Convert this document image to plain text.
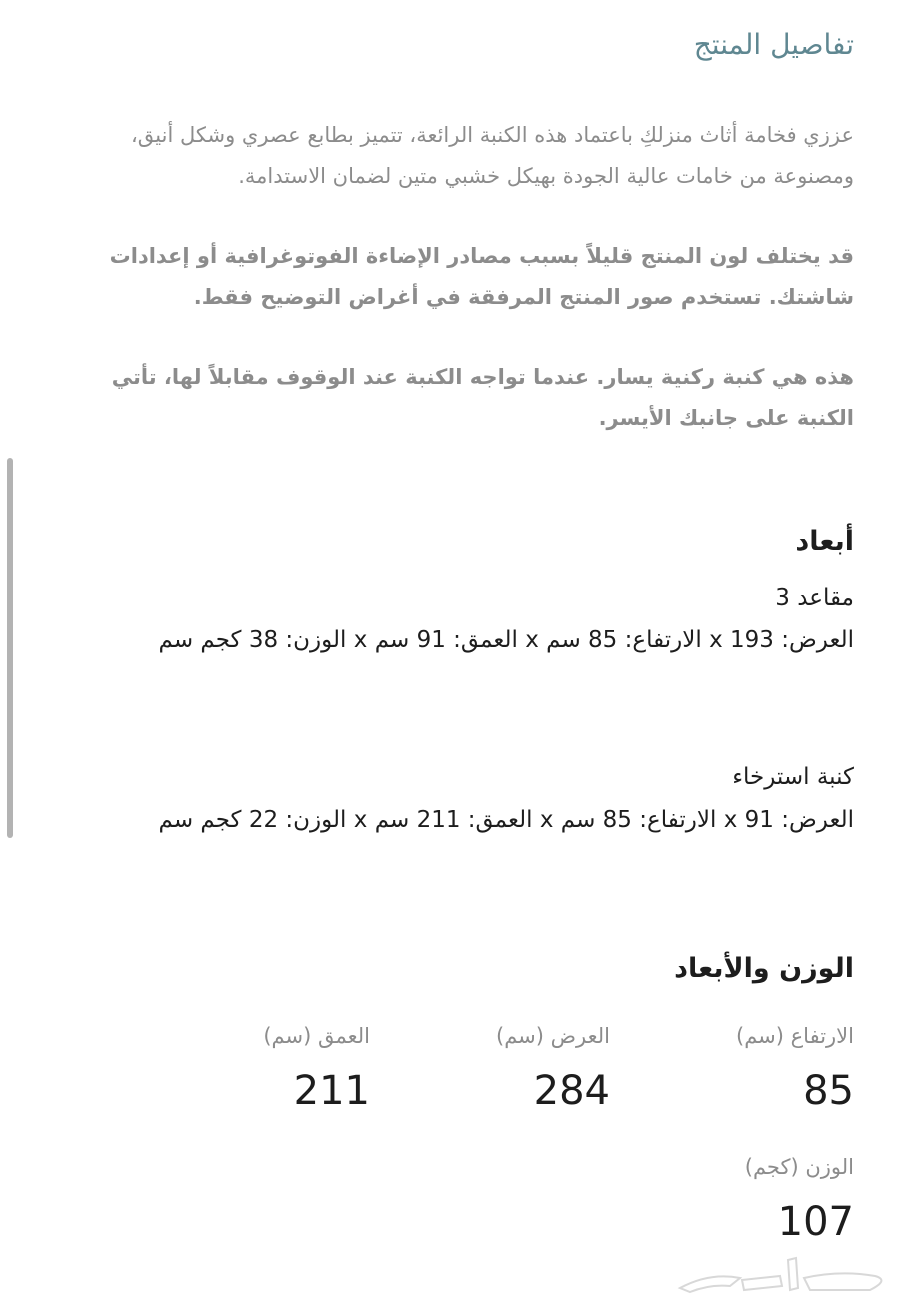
تفاصيل المنتج
عززي فخامة أثاث منزلكِ باعتماد هذه الكنبة الرائعة، تتميز بطابع عصري وشكل أنيق، ومصنوعة من خامات عالية الجودة بهيكل خشبي متين لضمان الاستدامة.
قد يختلف لون المنتج قليلاً بسبب مصادر الإضاءة الفوتوغرافية أو إعدادات شاشتك. تستخدم صور المنتج المرفقة في أغراض التوضيح فقط.
هذه هي كنبة ركنية يسار. عندما تواجه الكنبة عند الوقوف مقابلاً لها، تأتي الكنبة على جانبك الأيسر.
أبعاد
مقاعد 3
العرض: 193 x الارتفاع: 85 سم x العمق: 91 سم x الوزن: 38 كجم سم
كنبة استرخاء
العرض: 91 x الارتفاع: 85 سم x العمق: 211 سم x الوزن: 22 كجم سم
الوزن والأبعاد
الارتفاع (سم)
85
العرض (سم)
284
العمق (سم)
211
الوزن (كجم)
107
